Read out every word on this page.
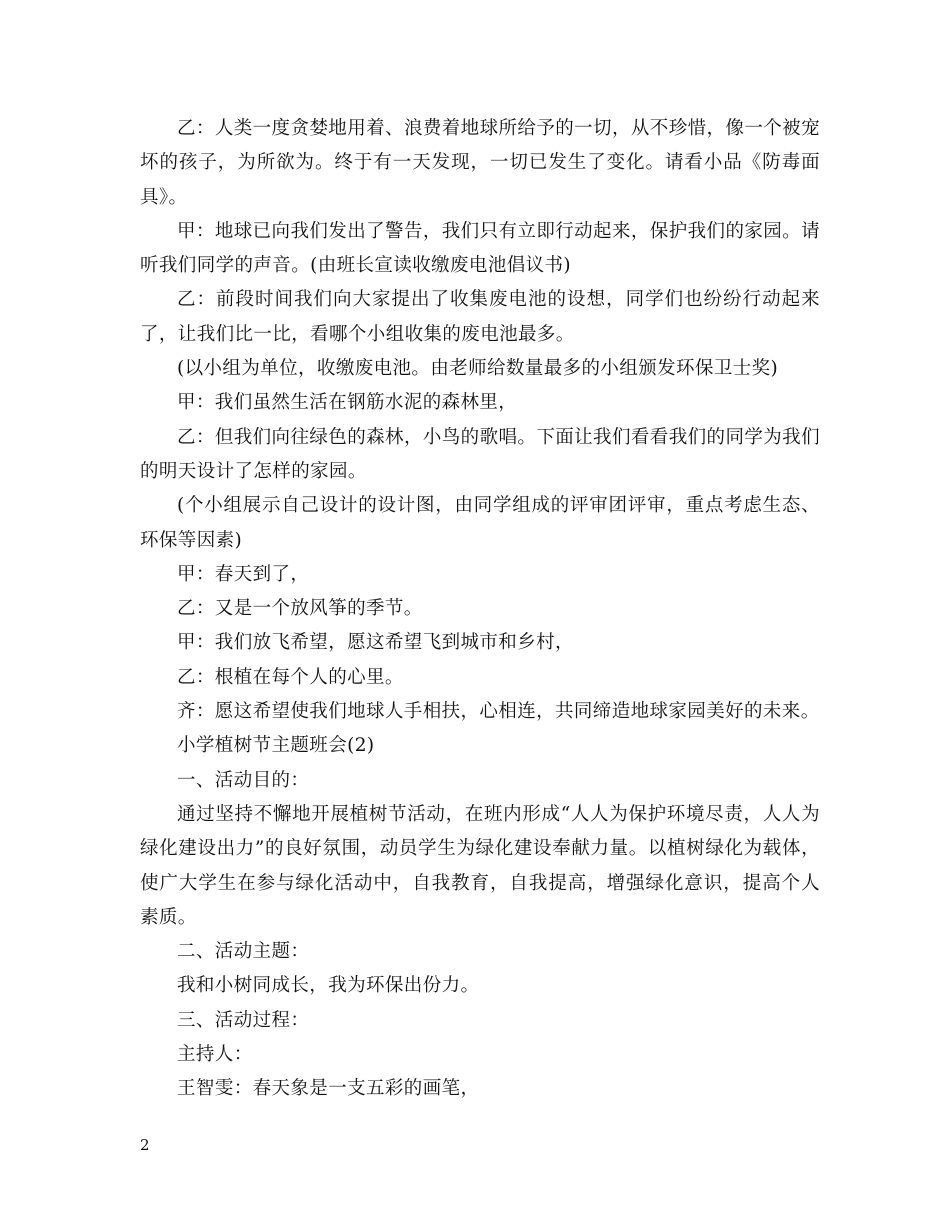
乙：人类一度贪婪地用着、浪费着地球所给予的一切，从不珍惜，像一个被宠坏的孩子，为所欲为。终于有一天发现，一切已发生了变化。请看小品《防毒面具》。

甲：地球已向我们发出了警告，我们只有立即行动起来，保护我们的家园。请听我们同学的声音。(由班长宣读收缴废电池倡议书)

乙：前段时间我们向大家提出了收集废电池的设想，同学们也纷纷行动起来了，让我们比一比，看哪个小组收集的废电池最多。

(以小组为单位，收缴废电池。由老师给数量最多的小组颁发环保卫士奖)

甲：我们虽然生活在钢筋水泥的森林里，

乙：但我们向往绿色的森林，小鸟的歌唱。下面让我们看看我们的同学为我们的明天设计了怎样的家园。

(个小组展示自己设计的设计图，由同学组成的评审团评审，重点考虑生态、环保等因素)

甲：春天到了，

乙：又是一个放风筝的季节。

甲：我们放飞希望，愿这希望飞到城市和乡村，

乙：根植在每个人的心里。

齐：愿这希望使我们地球人手相扶，心相连，共同缔造地球家园美好的未来。

小学植树节主题班会(2)

一、活动目的：

通过坚持不懈地开展植树节活动，在班内形成“人人为保护环境尽责，人人为绿化建设出力”的良好氛围，动员学生为绿化建设奉献力量。以植树绿化为载体，使广大学生在参与绿化活动中，自我教育，自我提高，增强绿化意识，提高个人素质。

二、活动主题：

我和小树同成长，我为环保出份力。

三、活动过程：

主持人：

王智雯：春天象是一支五彩的画笔，

2
